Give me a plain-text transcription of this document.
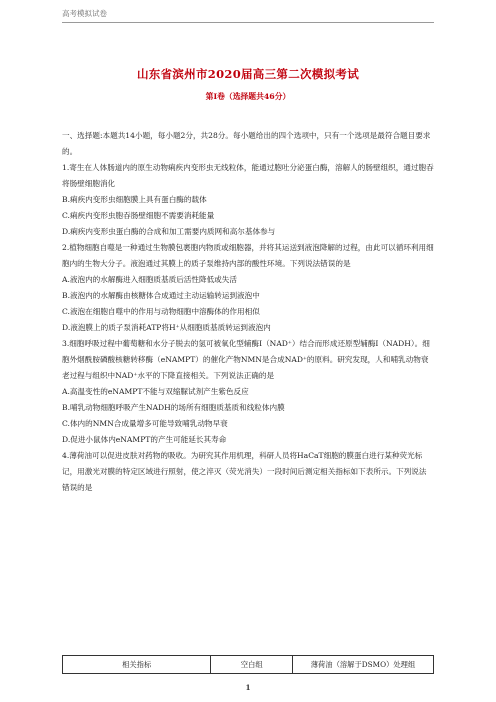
高考模拟试卷
山东省滨州市2020届高三第二次模拟考试
第Ⅰ卷（选择题共46分）

一、选择题:本题共14小题，每小题2分，共28分。每小题给出的四个选项中，只有一个选项是最符合题目要求的。

1.寄生在人体肠道内的原生动物痢疾内变形虫无线粒体，能通过胞吐分泌蛋白酶，溶解人的肠壁组织，通过胞吞将肠壁细胞消化

B.痢疾内变形虫细胞膜上具有蛋白酶的载体

C.痢疾内变形虫胞吞肠壁细胞不需要消耗能量

D.痢疾内变形虫蛋白酶的合成和加工需要内质网和高尔基体参与

2.植物细胞自噬是一种通过生物膜包裹胞内物质或细胞器，并将其运送到液泡降解的过程，由此可以循环利用细胞内的生物大分子。液泡通过其膜上的质子泵维持内部的酸性环境。下列说法错误的是

A.液泡内的水解酶进入细胞质基质后活性降低或失活

B.液泡内的水解酶由核糖体合成通过主动运输转运到液泡中

C.液泡在细胞自噬中的作用与动物细胞中溶酶体的作用相似

D.液泡膜上的质子泵消耗ATP将H⁺从细胞质基质转运到液泡内

3.细胞呼吸过程中葡萄糖和水分子脱去的氢可被氧化型辅酶Ⅰ（NAD⁺）结合而形成还原型辅酶Ⅰ（NADH）。细胞外烟酰胺磷酸核糖转移酶（eNAMPT）的催化产物NMN是合成NAD⁺的原料。研究发现，人和哺乳动物衰老过程与组织中NAD⁺水平的下降直接相关。下列说法正确的是

A.高温变性的eNAMPT不能与双缩脲试剂产生紫色反应

B.哺乳动物细胞呼吸产生NADH的场所有细胞质基质和线粒体内膜

C.体内的NMN合成量增多可能导致哺乳动物早衰

D.促进小鼠体内eNAMPT的产生可能延长其寿命

4.薄荷油可以促进皮肤对药物的吸收。为研究其作用机理，科研人员将HaCaT细胞的膜蛋白进行某种荧光标记，用激光对膜的特定区域进行照射，使之淬灭（荧光消失）一段时间后测定相关指标如下表所示。下列说法错误的是

相关指标	空白组	薄荷油（溶解于DSMO）处理组
1
